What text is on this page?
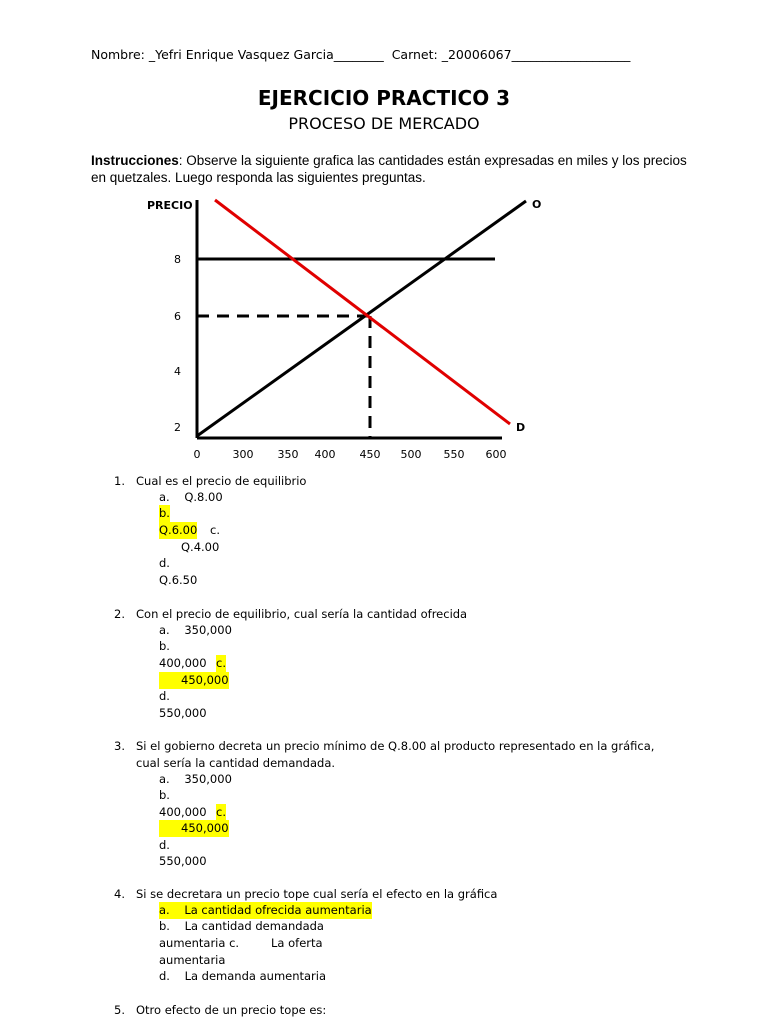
Nombre: _Yefri Enrique Vasquez Garcia________  Carnet: _20006067___________________
EJERCICIO PRACTICO 3
PROCESO DE MERCADO
Instrucciones: Observe la siguiente grafica las cantidades están expresadas en miles y los precios en quetzales. Luego responda las siguientes preguntas.
PRECIO
8
6
4
2
0	300 350 400 450 500 550 600
O
D
1. Cual es el precio de equilibrio
a.    Q.8.00
b.
Q.6.00 c.
Q.4.00
d.
Q.6.50
2. Con el precio de equilibrio, cual sería la cantidad ofrecida
a.    350,000
b.
400,000 c.
450,000
d.
550,000
3. Si el gobierno decreta un precio mínimo de Q.8.00 al producto representado en la gráfica, cual sería la cantidad demandada.
a.    350,000
b.
400,000 c.
450,000
d.
550,000
4. Si se decretara un precio tope cual sería el efecto en la gráfica
a.    La cantidad ofrecida aumentaria
b.    La cantidad demandada
aumentaria c.	La oferta
aumentaria
d.    La demanda aumentaria
5. Otro efecto de un precio tope es:
